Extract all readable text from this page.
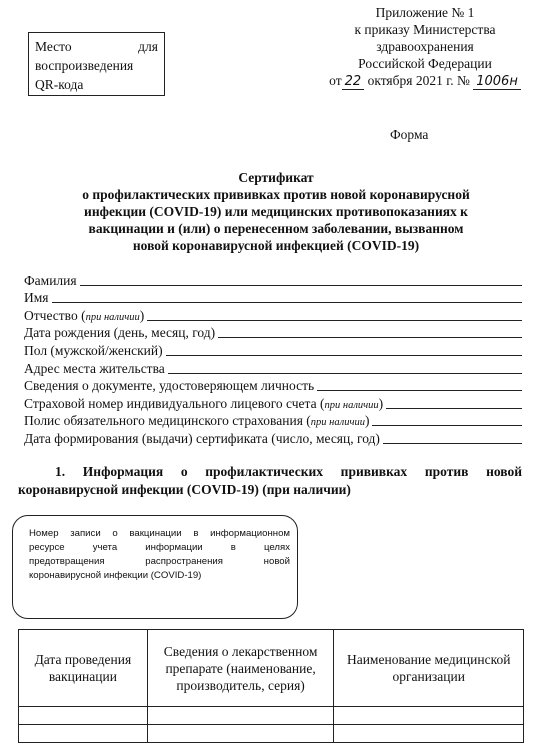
Место	для
воспроизведения
QR-кода
Приложение № 1
к приказу Министерства
здравоохранения
Российской Федерации
от 22 октября 2021 г. № 1006н
Форма
Сертификат
о профилактических прививках против новой коронавирусной
инфекции (COVID-19) или медицинских противопоказаниях к
вакцинации и (или) о перенесенном заболевании, вызванном
новой коронавирусной инфекцией (COVID-19)
Фамилия
Имя
Отчество (при наличии)
Дата рождения (день, месяц, год)
Пол (мужской/женский)
Адрес места жительства
Сведения о документе, удостоверяющем личность
Страховой номер индивидуального лицевого счета (при наличии)
Полис обязательного медицинского страхования (при наличии)
Дата формирования (выдачи) сертификата (число, месяц, год)
1. Информация о профилактических прививках против новой
коронавирусной инфекции (COVID-19) (при наличии)
Номер записи о вакцинации в информационном
ресурсе учета информации в целях
предотвращения распространения новой
коронавирусной инфекции (COVID-19)
Дата проведения вакцинации	Сведения о лекарственном препарате (наименование, производитель, серия)	Наименование медицинской организации
